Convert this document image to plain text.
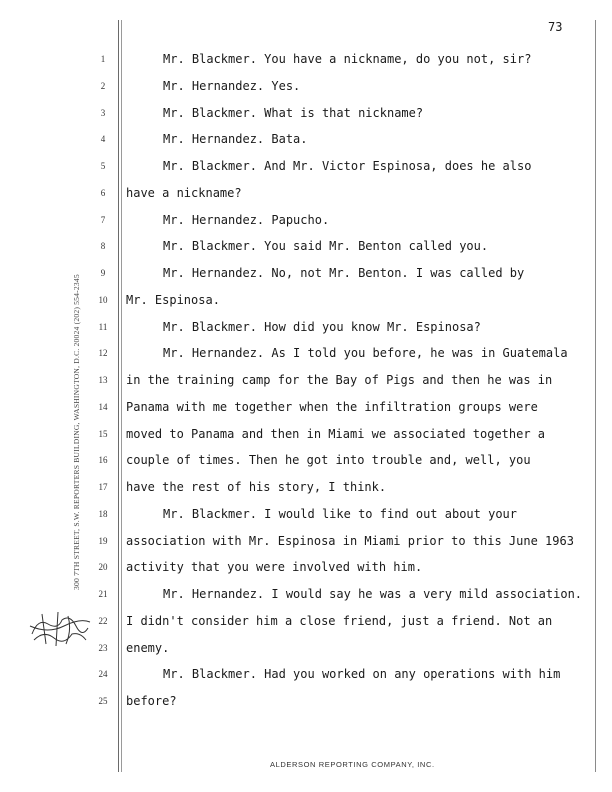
73
300 7TH STREET, S.W. REPORTERS BUILDING, WASHINGTON, D.C. 20024 (202) 554-2345
1	Mr. Blackmer. You have a nickname, do you not, sir?
2	Mr. Hernandez. Yes.
3	Mr. Blackmer. What is that nickname?
4	Mr. Hernandez. Bata.
5	Mr. Blackmer. And Mr. Victor Espinosa, does he also
6	have a nickname?
7	Mr. Hernandez. Papucho.
8	Mr. Blackmer. You said Mr. Benton called you.
9	Mr. Hernandez. No, not Mr. Benton. I was called by
10 Mr. Espinosa.
11	Mr. Blackmer. How did you know Mr. Espinosa?
12	Mr. Hernandez. As I told you before, he was in Guatemala
13 in the training camp for the Bay of Pigs and then he was in
14 Panama with me together when the infiltration groups were
15 moved to Panama and then in Miami we associated together a
16 couple of times. Then he got into trouble and, well, you
17 have the rest of his story, I think.
18	Mr. Blackmer. I would like to find out about your
19 association with Mr. Espinosa in Miami prior to this June 1963
20 activity that you were involved with him.
21	Mr. Hernandez. I would say he was a very mild association.
22 I didn't consider him a close friend, just a friend. Not an
23 enemy.
24	Mr. Blackmer. Had you worked on any operations with him
25 before?
ALDERSON REPORTING COMPANY, INC.
